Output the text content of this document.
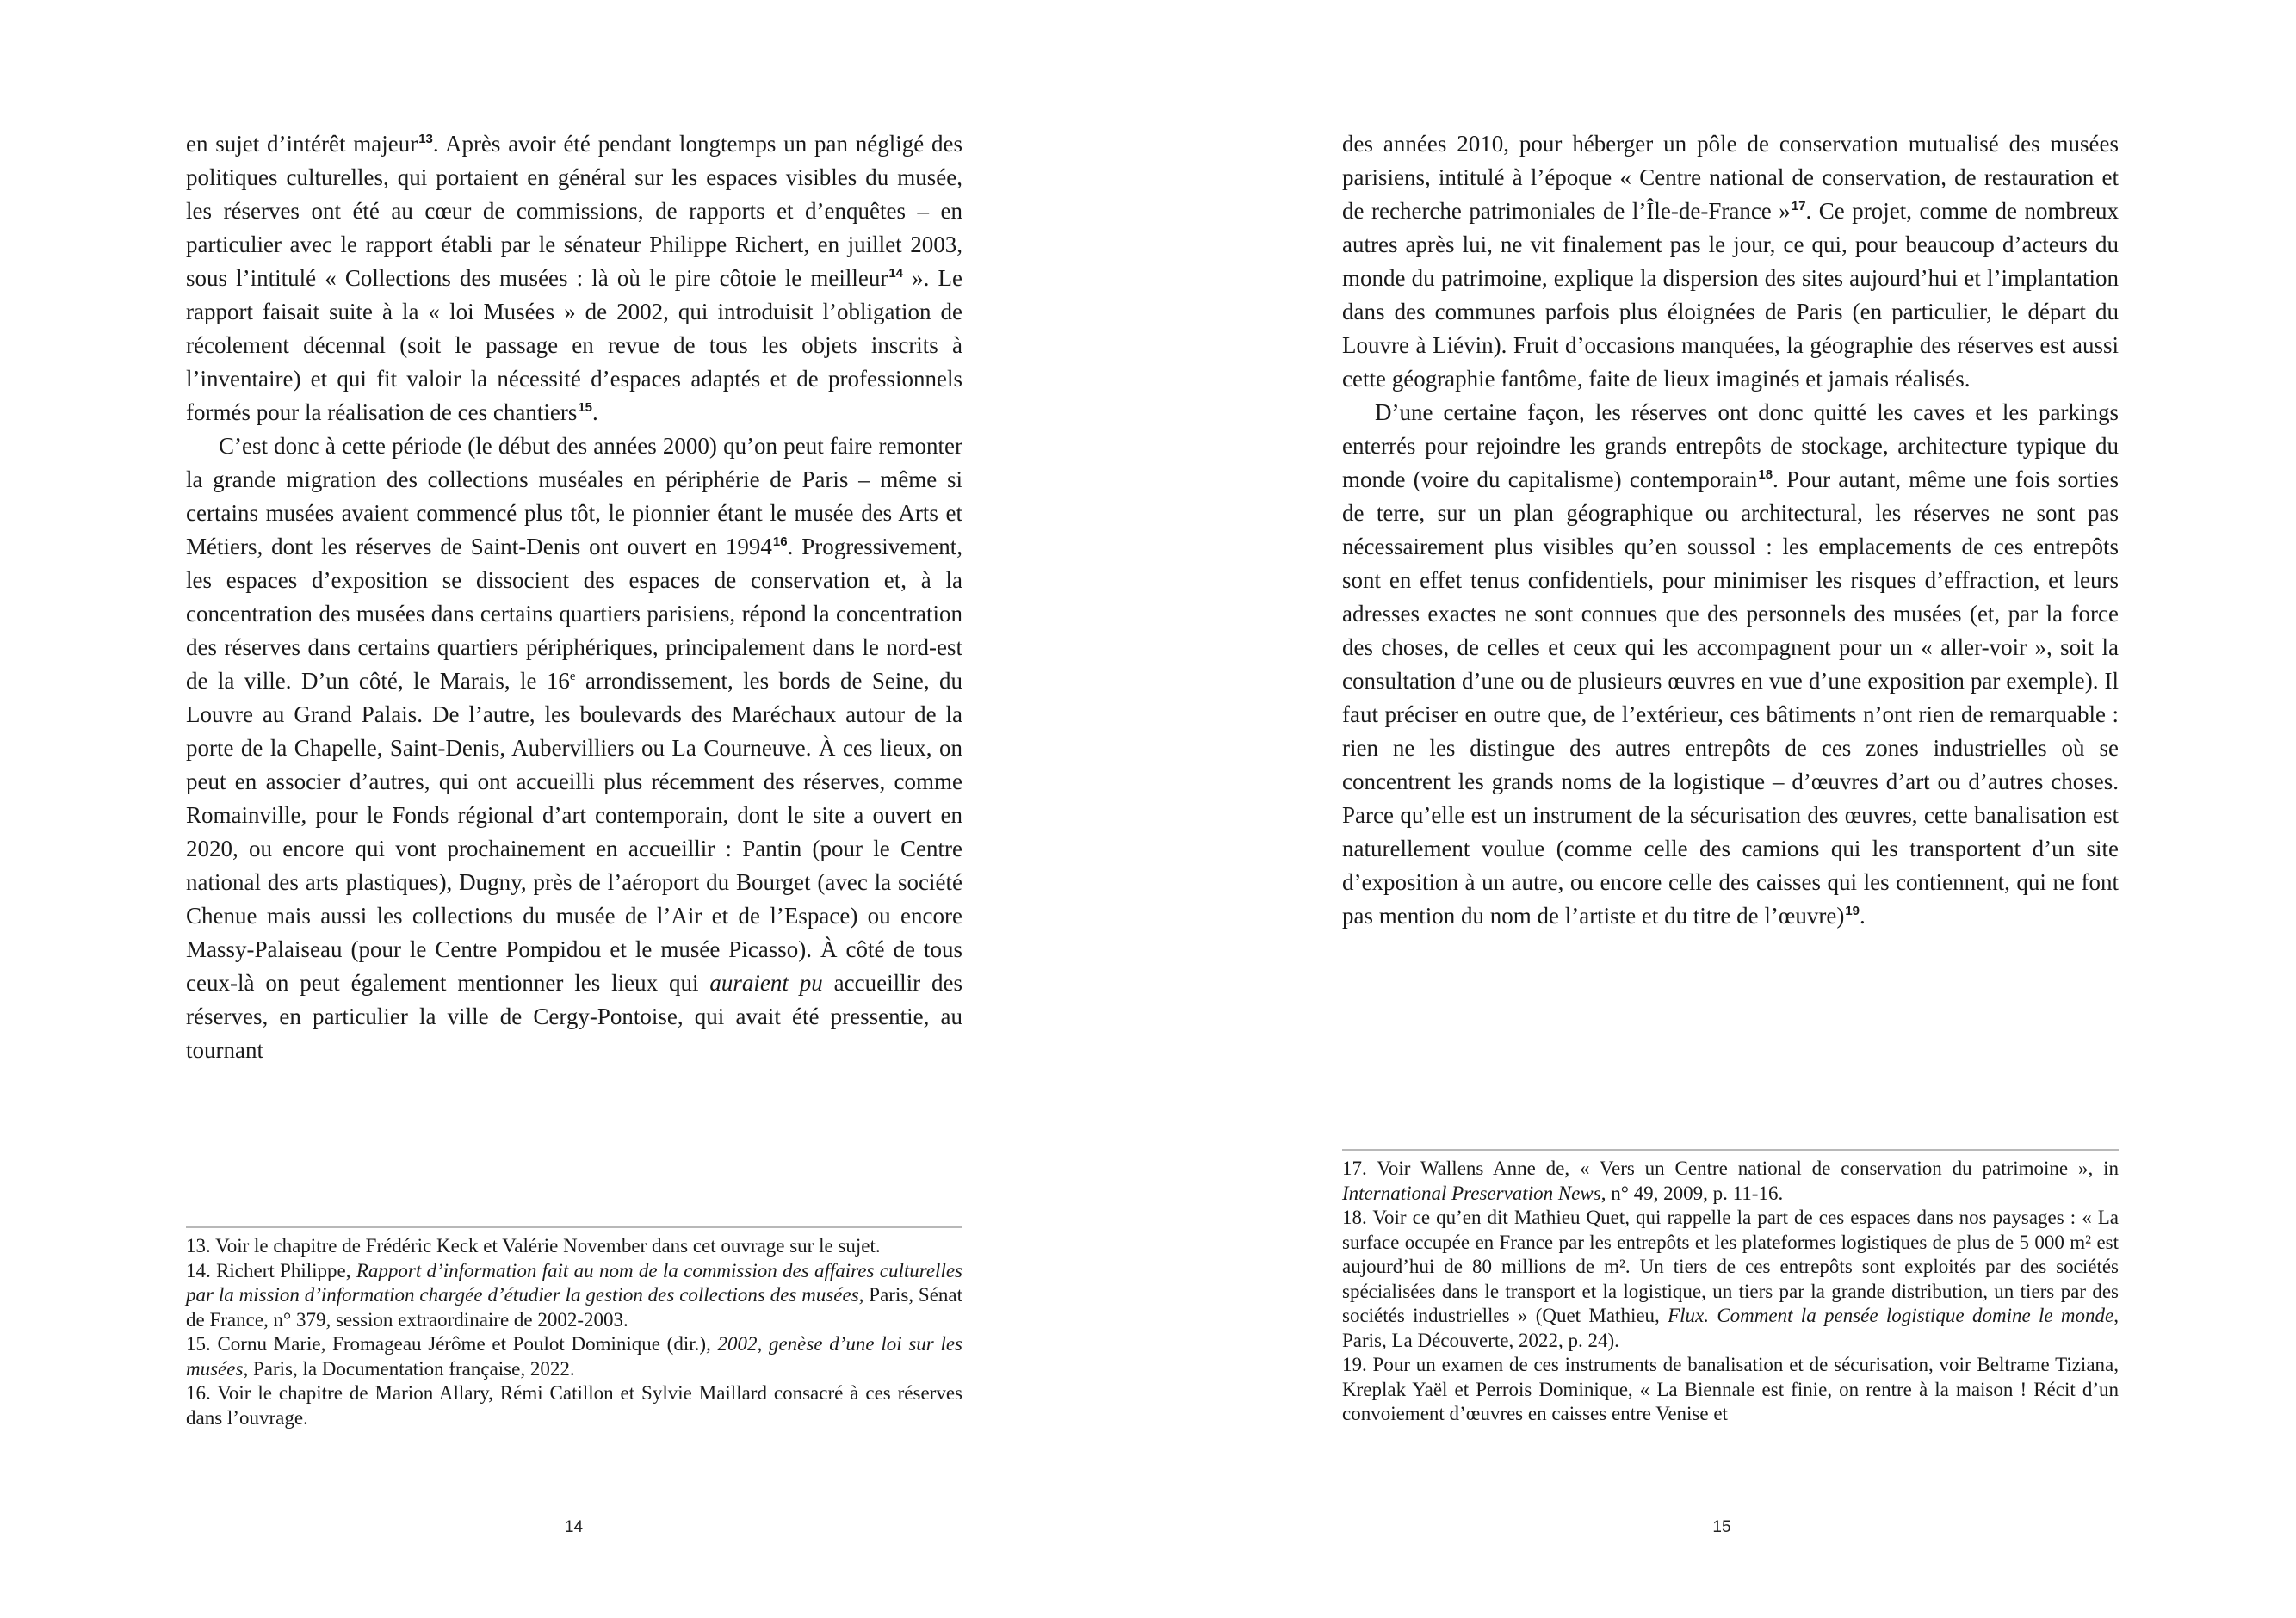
en sujet d’intérêt majeur$^{13}$. Après avoir été pendant longtemps un pan négligé des politiques culturelles, qui portaient en général sur les espaces visibles du musée, les réserves ont été au cœur de commissions, de rapports et d’enquêtes – en particulier avec le rapport établi par le sénateur Philippe Richert, en juillet 2003, sous l’intitulé « Collections des musées : là où le pire côtoie le meilleur$^{14}$ ». Le rapport faisait suite à la « loi Musées » de 2002, qui introduisit l’obligation de récolement décennal (soit le passage en revue de tous les objets inscrits à l’inventaire) et qui fit valoir la nécessité d’espaces adaptés et de professionnels formés pour la réalisation de ces chantiers$^{15}$.

C’est donc à cette période (le début des années 2000) qu’on peut faire remonter la grande migration des collections muséales en périphérie de Paris – même si certains musées avaient commencé plus tôt, le pionnier étant le musée des Arts et Métiers, dont les réserves de Saint-Denis ont ouvert en 1994$^{16}$. Progressivement, les espaces d’exposition se dissocient des espaces de conservation et, à la concentration des musées dans certains quartiers parisiens, répond la concentration des réserves dans certains quartiers périphériques, principalement dans le nord-est de la ville. D’un côté, le Marais, le 16e arrondissement, les bords de Seine, du Louvre au Grand Palais. De l’autre, les boulevards des Maréchaux autour de la porte de la Chapelle, Saint-Denis, Aubervilliers ou La Courneuve. À ces lieux, on peut en associer d’autres, qui ont accueilli plus récemment des réserves, comme Romainville, pour le Fonds régional d’art contemporain, dont le site a ouvert en 2020, ou encore qui vont prochainement en accueillir : Pantin (pour le Centre national des arts plastiques), Dugny, près de l’aéroport du Bourget (avec la société Chenue mais aussi les collections du musée de l’Air et de l’Espace) ou encore Massy-Palaiseau (pour le Centre Pompidou et le musée Picasso). À côté de tous ceux-là on peut également mentionner les lieux qui auraient pu accueillir des réserves, en particulier la ville de Cergy-Pontoise, qui avait été pressentie, au tournant

13. Voir le chapitre de Frédéric Keck et Valérie November dans cet ouvrage sur le sujet.

14. Richert Philippe, Rapport d’information fait au nom de la commission des affaires culturelles par la mission d’information chargée d’étudier la gestion des collections des musées, Paris, Sénat de France, n° 379, session extraordinaire de 2002-2003.

15. Cornu Marie, Fromageau Jérôme et Poulot Dominique (dir.), 2002, genèse d’une loi sur les musées, Paris, la Documentation française, 2022.

16. Voir le chapitre de Marion Allary, Rémi Catillon et Sylvie Maillard consacré à ces réserves dans l’ouvrage.

14

des années 2010, pour héberger un pôle de conservation mutualisé des musées parisiens, intitulé à l’époque « Centre national de conservation, de restauration et de recherche patrimoniales de l’Île-de-France »$^{17}$. Ce projet, comme de nombreux autres après lui, ne vit finalement pas le jour, ce qui, pour beaucoup d’acteurs du monde du patrimoine, explique la dispersion des sites aujourd’hui et l’implantation dans des communes parfois plus éloignées de Paris (en particulier, le départ du Louvre à Liévin). Fruit d’occasions manquées, la géographie des réserves est aussi cette géographie fantôme, faite de lieux imaginés et jamais réalisés.

D’une certaine façon, les réserves ont donc quitté les caves et les parkings enterrés pour rejoindre les grands entrepôts de stockage, architecture typique du monde (voire du capitalisme) contemporain$^{18}$. Pour autant, même une fois sorties de terre, sur un plan géographique ou architectural, les réserves ne sont pas nécessairement plus visibles qu’en soussol : les emplacements de ces entrepôts sont en effet tenus confidentiels, pour minimiser les risques d’effraction, et leurs adresses exactes ne sont connues que des personnels des musées (et, par la force des choses, de celles et ceux qui les accompagnent pour un « aller-voir », soit la consultation d’une ou de plusieurs œuvres en vue d’une exposition par exemple). Il faut préciser en outre que, de l’extérieur, ces bâtiments n’ont rien de remarquable : rien ne les distingue des autres entrepôts de ces zones industrielles où se concentrent les grands noms de la logistique – d’œuvres d’art ou d’autres choses. Parce qu’elle est un instrument de la sécurisation des œuvres, cette banalisation est naturellement voulue (comme celle des camions qui les transportent d’un site d’exposition à un autre, ou encore celle des caisses qui les contiennent, qui ne font pas mention du nom de l’artiste et du titre de l’œuvre)$^{19}$.

17. Voir Wallens Anne de, « Vers un Centre national de conservation du patrimoine », in International Preservation News, n° 49, 2009, p. 11-16.

18. Voir ce qu’en dit Mathieu Quet, qui rappelle la part de ces espaces dans nos paysages : « La surface occupée en France par les entrepôts et les plateformes logistiques de plus de 5 000 m² est aujourd’hui de 80 millions de m². Un tiers de ces entrepôts sont exploités par des sociétés spécialisées dans le transport et la logistique, un tiers par la grande distribution, un tiers par des sociétés industrielles » (Quet Mathieu, Flux. Comment la pensée logistique domine le monde, Paris, La Découverte, 2022, p. 24).

19. Pour un examen de ces instruments de banalisation et de sécurisation, voir Beltrame Tiziana, Kreplak Yaël et Perrois Dominique, « La Biennale est finie, on rentre à la maison ! Récit d’un convoiement d’œuvres en caisses entre Venise et

15
